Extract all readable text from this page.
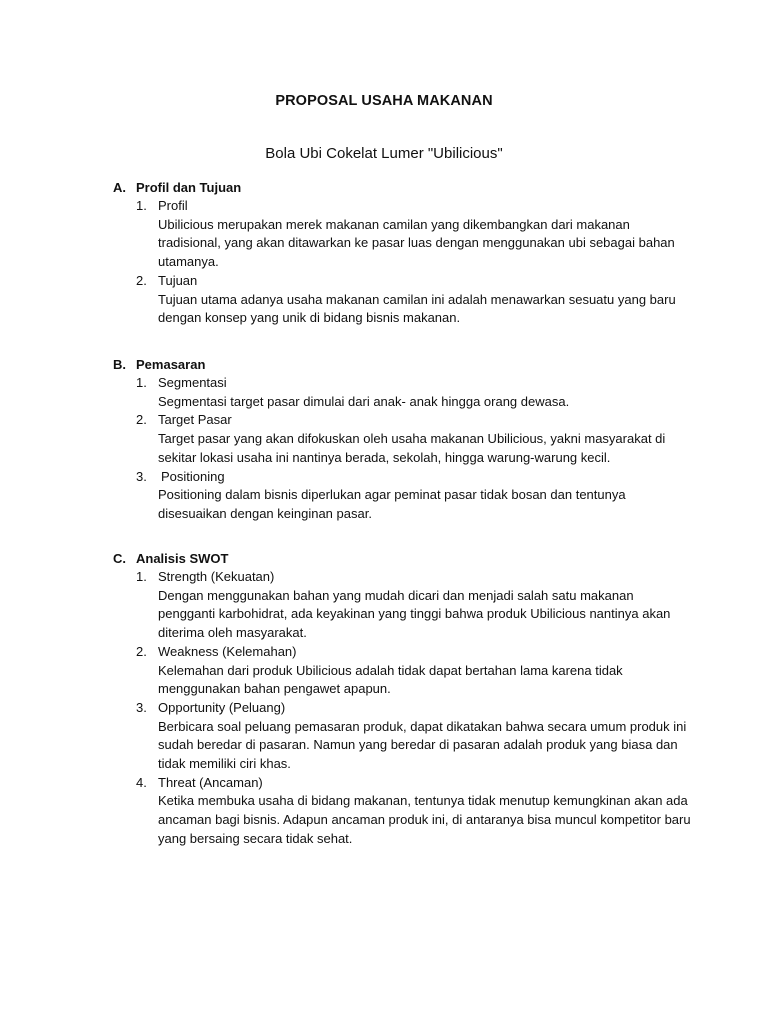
PROPOSAL USAHA MAKANAN

Bola Ubi Cokelat Lumer "Ubilicious"

A. Profil dan Tujuan
1. Profil
Ubilicious merupakan merek makanan camilan yang dikembangkan dari makanan tradisional, yang akan ditawarkan ke pasar luas dengan menggunakan ubi sebagai bahan utamanya.
2. Tujuan
Tujuan utama adanya usaha makanan camilan ini adalah menawarkan sesuatu yang baru dengan konsep yang unik di bidang bisnis makanan.
B. Pemasaran
1. Segmentasi
Segmentasi target pasar dimulai dari anak- anak hingga orang dewasa.
2. Target Pasar
Target pasar yang akan difokuskan oleh usaha makanan Ubilicious, yakni masyarakat di sekitar lokasi usaha ini nantinya berada, sekolah, hingga warung-warung kecil.
3. Positioning
Positioning dalam bisnis diperlukan agar peminat pasar tidak bosan dan tentunya disesuaikan dengan keinginan pasar.
C. Analisis SWOT
1. Strength (Kekuatan)
Dengan menggunakan bahan yang mudah dicari dan menjadi salah satu makanan pengganti karbohidrat, ada keyakinan yang tinggi bahwa produk Ubilicious nantinya akan diterima oleh masyarakat.
2. Weakness (Kelemahan)
Kelemahan dari produk Ubilicious adalah tidak dapat bertahan lama karena tidak menggunakan bahan pengawet apapun.
3. Opportunity (Peluang)
Berbicara soal peluang pemasaran produk, dapat dikatakan bahwa secara umum produk ini sudah beredar di pasaran. Namun yang beredar di pasaran adalah produk yang biasa dan tidak memiliki ciri khas.
4. Threat (Ancaman)
Ketika membuka usaha di bidang makanan, tentunya tidak menutup kemungkinan akan ada ancaman bagi bisnis. Adapun ancaman produk ini, di antaranya bisa muncul kompetitor baru yang bersaing secara tidak sehat.
